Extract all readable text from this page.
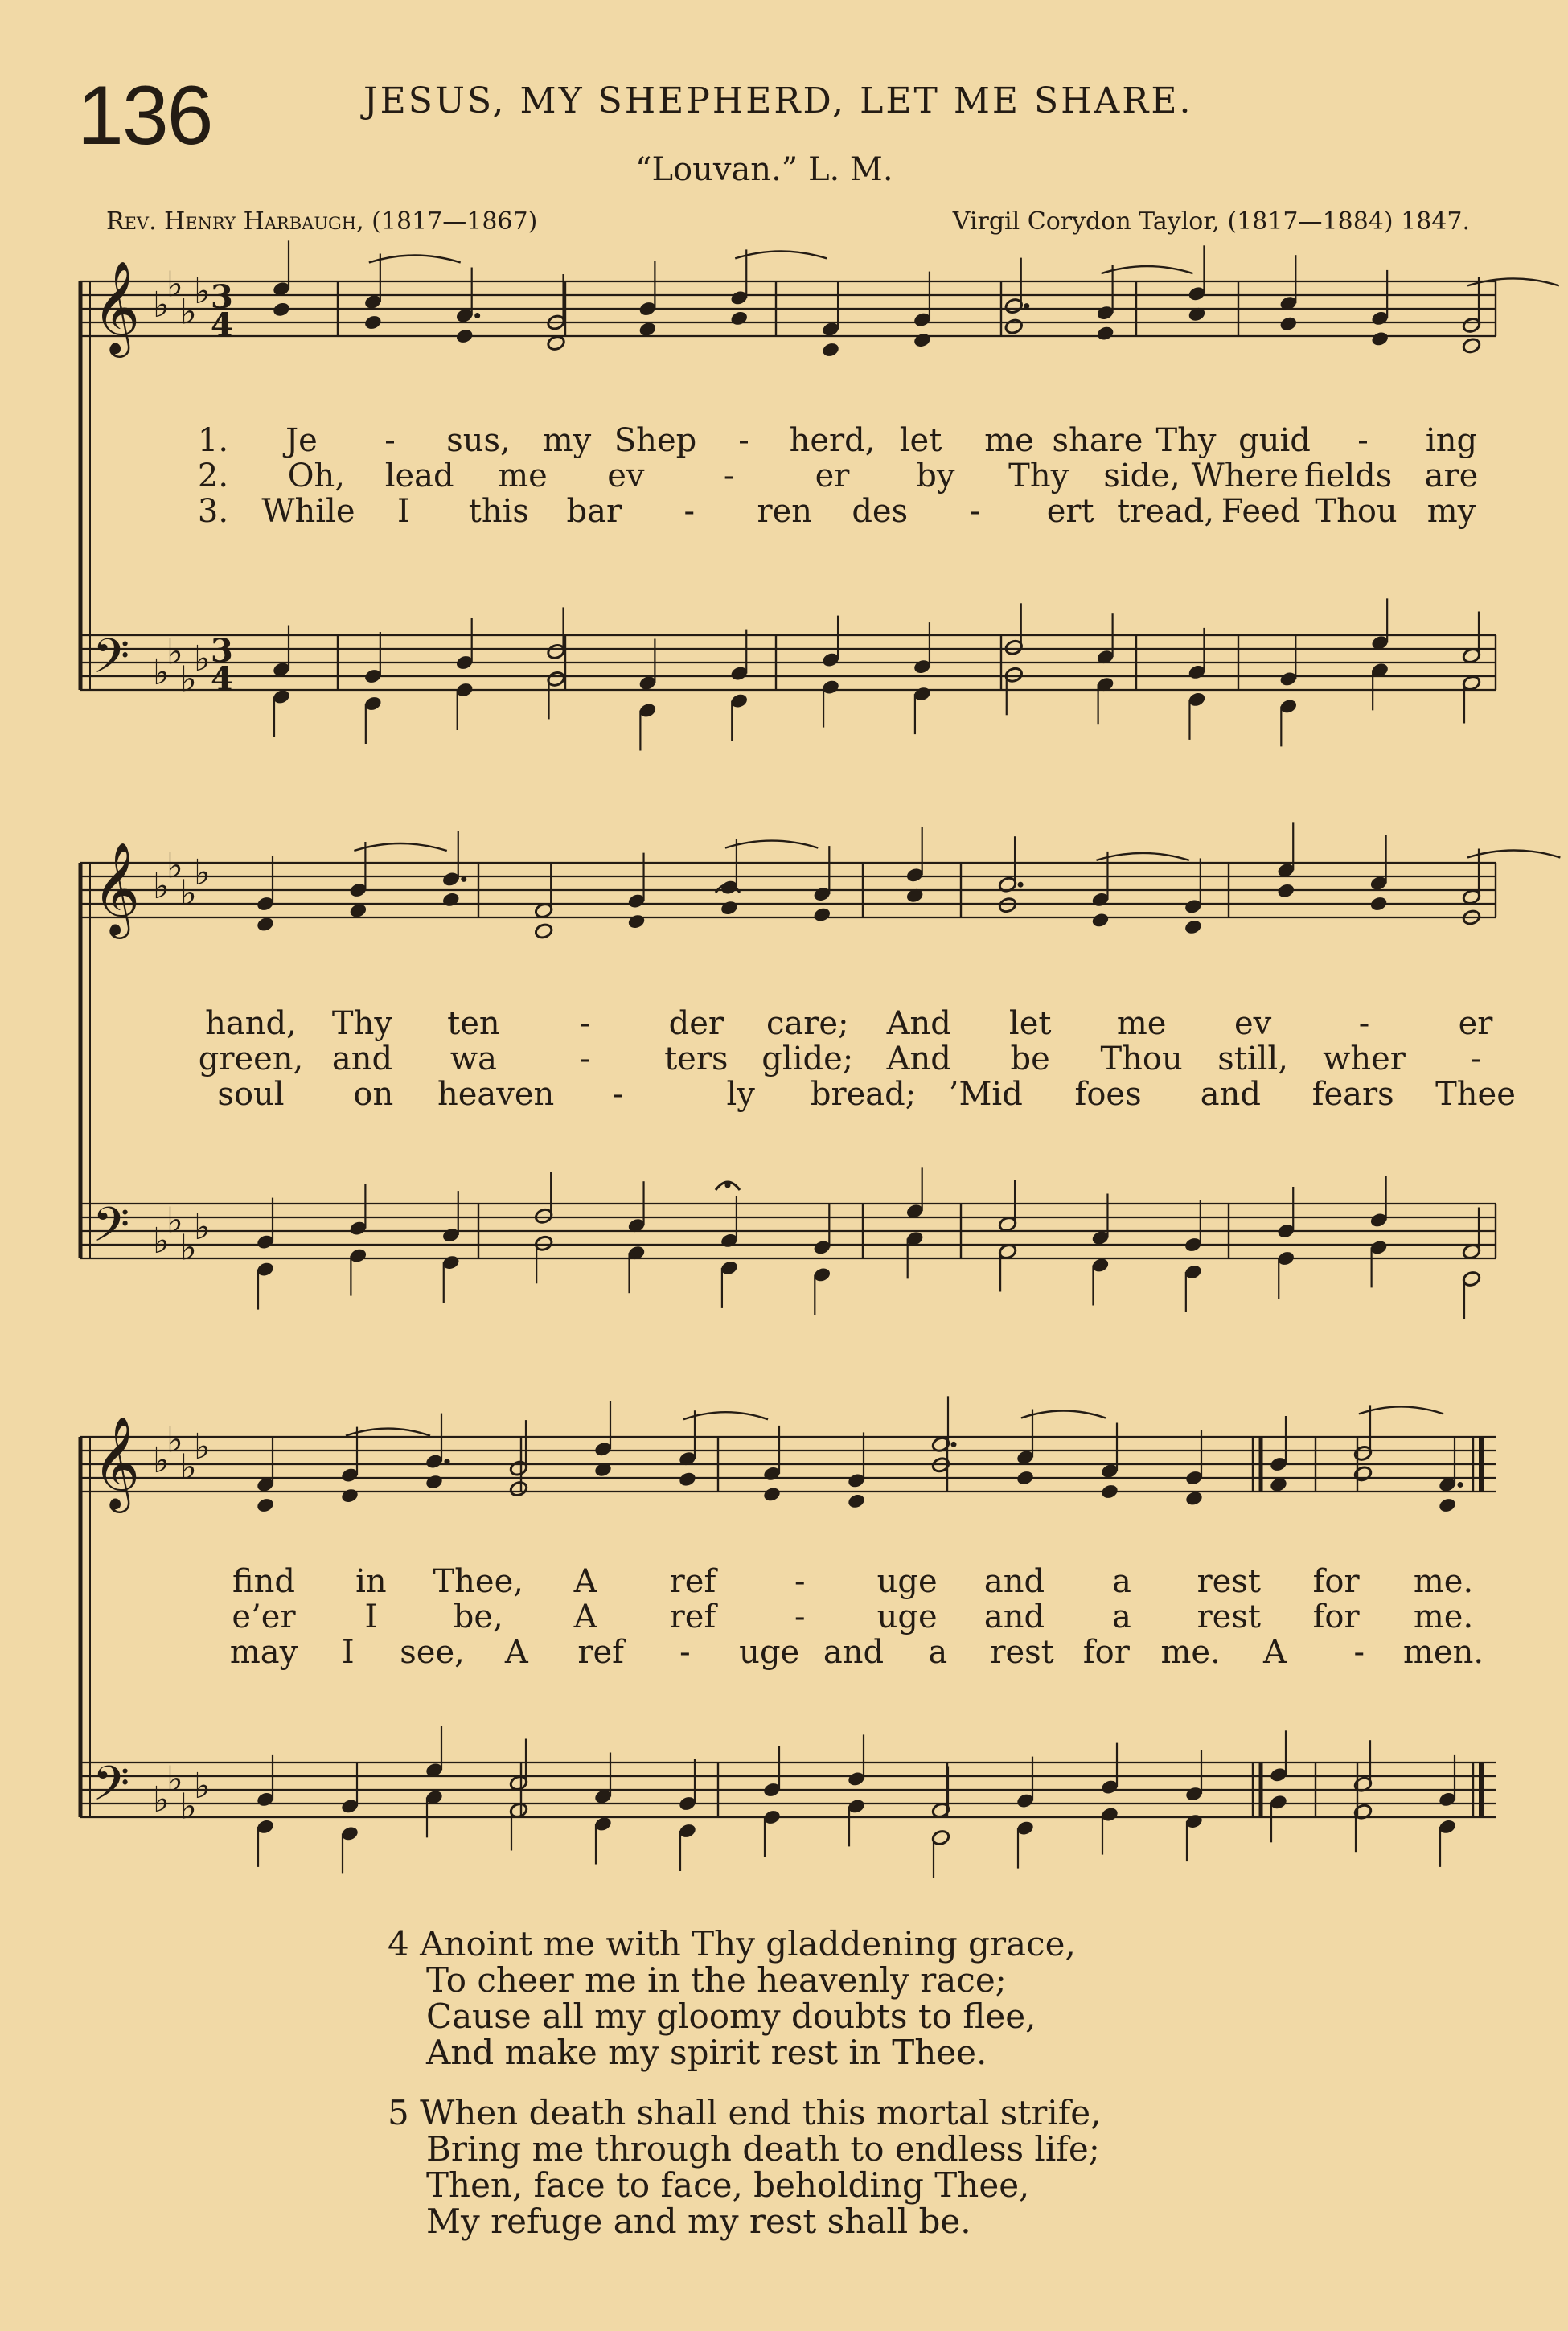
136	JESUS, MY SHEPHERD, LET ME SHARE.
“Louvan.” L. M.
Rev. Henry Harbaugh, (1817—1867)	Virgil Corydon Taylor, (1817—1884) 1847.
𝄞 ♭
♭
♭
♭ 3
4
𝄢 ♭
♭
♭
♭ 3
4
𝄞 ♭
♭
♭
♭
𝄢 ♭
♭
♭
♭
𝄞 ♭
♭
♭
♭
𝄢 ♭
♭
♭
♭
1. Je - sus, my Shep - herd, let me share Thy guid - ing
2. Oh, lead me ev -	er by Thy side, Where fields are
3. While I this bar - ren des - ert tread, Feed Thou my
hand, Thy ten - der care; And let me ev	-	er
green, and wa	- ters glide; And be Thou still, wher -
soul on heaven -	ly bread; ’Mid foes and fears Thee
find in Thee, A ref - uge and a rest for me.
e’er I be, A ref - uge and a rest for me.
may I see, A ref - uge and a rest for me. A - men.
4 Anoint me with Thy gladdening grace,
To cheer me in the heavenly race;
Cause all my gloomy doubts to flee,
And make my spirit rest in Thee.
5 When death shall end this mortal strife,
Bring me through death to endless life;
Then, face to face, beholding Thee,
My refuge and my rest shall be.
